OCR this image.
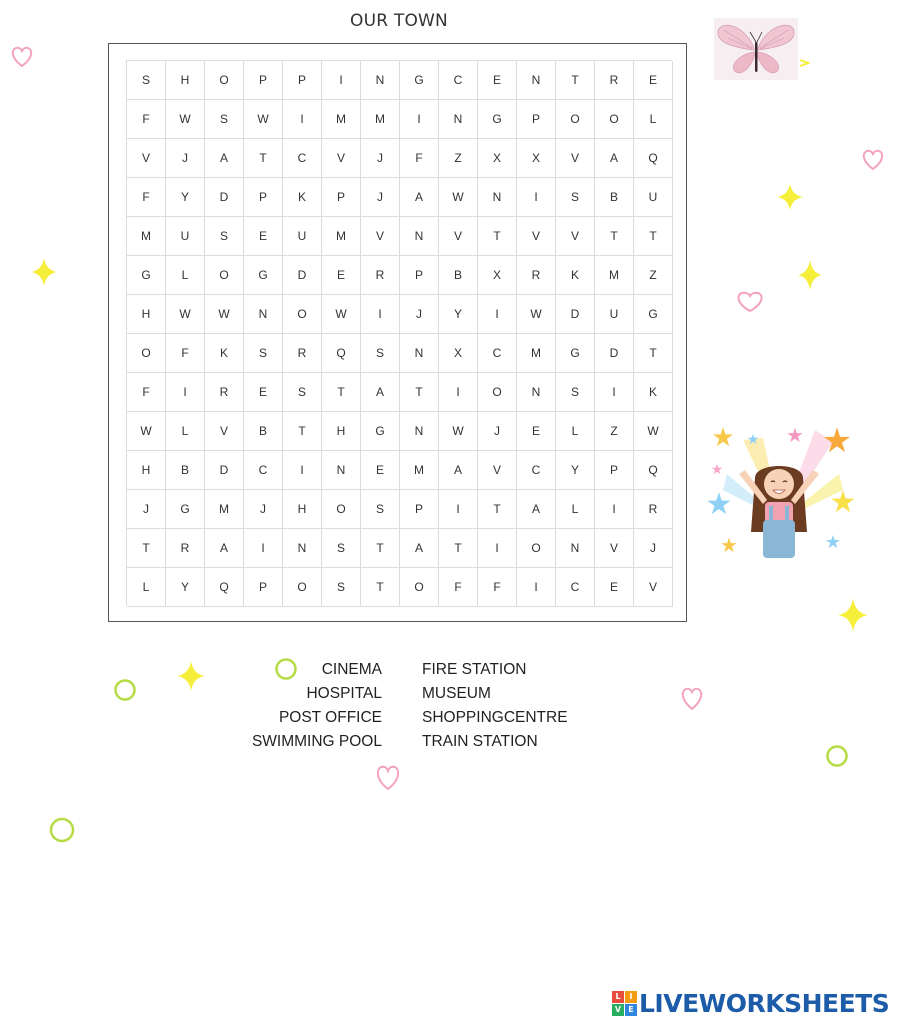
OUR TOWN
S	H	O	P	P	I	N	G	C	E	N	T	R	E
F	W	S	W	I	M	M	I	N	G	P	O	O	L
V	J	A	T	C	V	J	F	Z	X	X	V	A	Q
F	Y	D	P	K	P	J	A	W	N	I	S	B	U
M	U	S	E	U	M	V	N	V	T	V	V	T	T
G	L	O	G	D	E	R	P	B	X	R	K	M	Z
H	W	W	N	O	W	I	J	Y	I	W	D	U	G
O	F	K	S	R	Q	S	N	X	C	M	G	D	T
F	I	R	E	S	T	A	T	I	O	N	S	I	K
W	L	V	B	T	H	G	N	W	J	E	L	Z	W
H	B	D	C	I	N	E	M	A	V	C	Y	P	Q
J	G	M	J	H	O	S	P	I	T	A	L	I	R
T	R	A	I	N	S	T	A	T	I	O	N	V	J
L	Y	Q	P	O	S	T	O	F	F	I	C	E	V
CINEMA
HOSPITAL
POST OFFICE
SWIMMING POOL
FIRE STATION
MUSEUM
SHOPPINGCENTRE
TRAIN STATION
★ ★ ★ ★
★
★
★
★
★
L	I
V E LIVEWORKSHEETS
